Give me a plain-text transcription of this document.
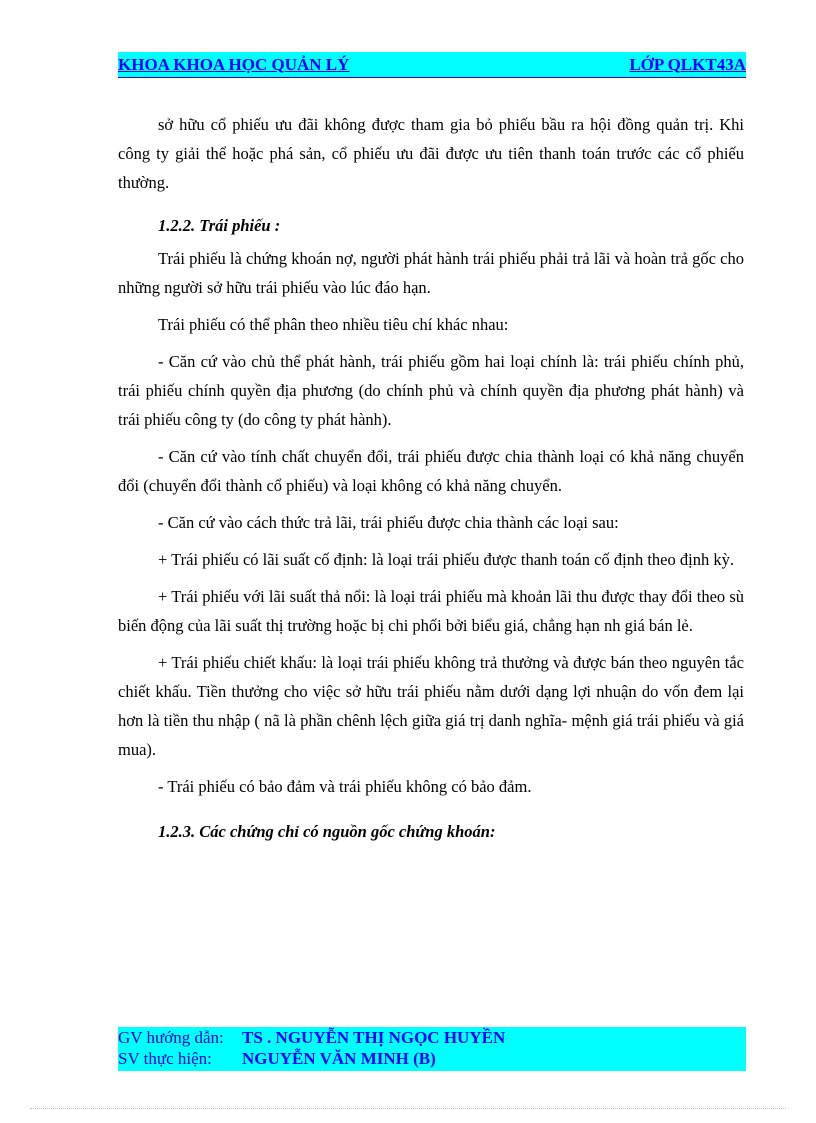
KHOA KHOA HỌC QUẢN LÝ	LỚP QLKT43A

sở hữu cổ phiếu ưu đãi không được tham gia bỏ phiếu bầu ra hội đồng quản trị. Khi công ty giải thể hoặc phá sản, cổ phiếu ưu đãi được ưu tiên thanh toán trước các cổ phiếu thường.

1.2.2. Trái phiếu :

Trái phiếu là chứng khoán nợ, người phát hành trái phiếu phải trả lãi và hoàn trả gốc cho những người sở hữu trái phiếu vào lúc đáo hạn.

Trái phiếu có thể phân theo nhiều tiêu chí khác nhau:

- Căn cứ vào chủ thể phát hành, trái phiếu gồm hai loại chính là: trái phiếu chính phủ, trái phiếu chính quyền địa phương (do chính phủ và chính quyền địa phương phát hành) và trái phiếu công ty (do công ty phát hành).

- Căn cứ vào tính chất chuyển đổi, trái phiếu được chia thành loại có khả năng chuyển đổi (chuyển đổi thành cổ phiếu) và loại không có khả năng chuyển.

- Căn cứ vào cách thức trả lãi, trái phiếu được chia thành các loại sau:

+ Trái phiếu có lãi suất cố định: là loại trái phiếu được thanh toán cố định theo định kỳ.

+ Trái phiếu với lãi suất thả nổi: là loại trái phiếu mà khoản lãi thu được thay đổi theo sù biến động của lãi suất thị trường hoặc bị chi phối bởi biểu giá, chẳng hạn nh giá bán lẻ.

+ Trái phiếu chiết khấu: là loại trái phiếu không trả thưởng và được bán theo nguyên tắc chiết khấu. Tiền thưởng cho việc sở hữu trái phiếu nằm dưới dạng lợi nhuận do vốn đem lại hơn là tiền thu nhập ( nã là phần chênh lệch giữa giá trị danh nghĩa- mệnh giá trái phiếu và giá mua).

- Trái phiếu có bảo đảm và trái phiếu không có bảo đảm.

1.2.3. Các chứng chỉ có nguồn gốc chứng khoán:
GV hướng dẫn:	TS . NGUYỄN THỊ NGỌC HUYỀN
SV thực hiện:	NGUYỄN VĂN MINH (B)
